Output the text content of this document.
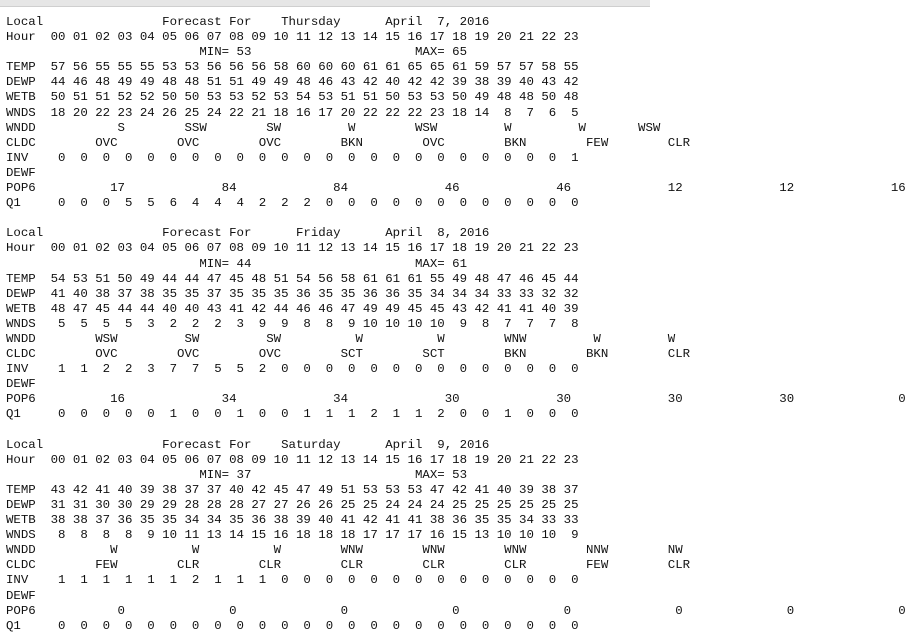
Local                Forecast For    Thursday      April  7, 2016
Hour  00 01 02 03 04 05 06 07 08 09 10 11 12 13 14 15 16 17 18 19 20 21 22 23
MIN= 53                      MAX= 65
TEMP  57 56 55 55 55 53 53 56 56 56 58 60 60 60 61 61 65 65 61 59 57 57 58 55
DEWP  44 46 48 49 49 48 48 51 51 49 49 48 46 43 42 40 42 42 39 38 39 40 43 42
WETB  50 51 51 52 52 50 50 53 53 52 53 54 53 51 51 50 53 53 50 49 48 48 50 48
WNDS  18 20 22 23 24 26 25 24 22 21 18 16 17 20 22 22 22 23 18 14  8  7  6  5
WNDD           S        SSW        SW         W        WSW         W         W       WSW
CLDC        OVC        OVC        OVC        BKN        OVC        BKN        FEW        CLR
INV    0  0  0  0  0  0  0  0  0  0  0  0  0  0  0  0  0  0  0  0  0  0  0  1
DEWF
POP6          17             84             84             46             46             12             12             16
Q1     0  0  0  5  5  6  4  4  4  2  2  2  0  0  0  0  0  0  0  0  0  0  0  0

Local                Forecast For      Friday      April  8, 2016
Hour  00 01 02 03 04 05 06 07 08 09 10 11 12 13 14 15 16 17 18 19 20 21 22 23
MIN= 44                      MAX= 61
TEMP  54 53 51 50 49 44 44 47 45 48 51 54 56 58 61 61 61 55 49 48 47 46 45 44
DEWP  41 40 38 37 38 35 35 37 35 35 35 36 35 35 36 36 35 34 34 34 33 33 32 32
WETB  48 47 45 44 44 40 40 43 41 42 44 46 46 47 49 49 45 45 43 42 41 41 40 39
WNDS   5  5  5  5  3  2  2  2  3  9  9  8  8  9 10 10 10 10  9  8  7  7  7  8
WNDD        WSW         SW         SW          W          W        WNW         W         W
CLDC        OVC        OVC        OVC        SCT        SCT        BKN        BKN        CLR
INV    1  1  2  2  3  7  7  5  5  2  0  0  0  0  0  0  0  0  0  0  0  0  0  0
DEWF
POP6          16             34             34             30             30             30             30              0
Q1     0  0  0  0  0  1  0  0  1  0  0  1  1  1  2  1  1  2  0  0  1  0  0  0

Local                Forecast For    Saturday      April  9, 2016
Hour  00 01 02 03 04 05 06 07 08 09 10 11 12 13 14 15 16 17 18 19 20 21 22 23
MIN= 37                      MAX= 53
TEMP  43 42 41 40 39 38 37 37 40 42 45 47 49 51 53 53 53 47 42 41 40 39 38 37
DEWP  31 31 30 30 29 29 28 28 28 27 27 26 26 25 25 24 24 24 25 25 25 25 25 25
WETB  38 38 37 36 35 35 34 34 35 36 38 39 40 41 42 41 41 38 36 35 35 34 33 33
WNDS   8  8  8  8  9 10 11 13 14 15 16 18 18 18 17 17 17 16 15 13 10 10 10  9
WNDD          W          W          W        WNW        WNW        WNW        NNW        NW
CLDC        FEW        CLR        CLR        CLR        CLR        CLR        FEW        CLR
INV    1  1  1  1  1  1  2  1  1  1  0  0  0  0  0  0  0  0  0  0  0  0  0  0
DEWF
POP6           0              0              0              0              0              0              0              0
Q1     0  0  0  0  0  0  0  0  0  0  0  0  0  0  0  0  0  0  0  0  0  0  0  0
